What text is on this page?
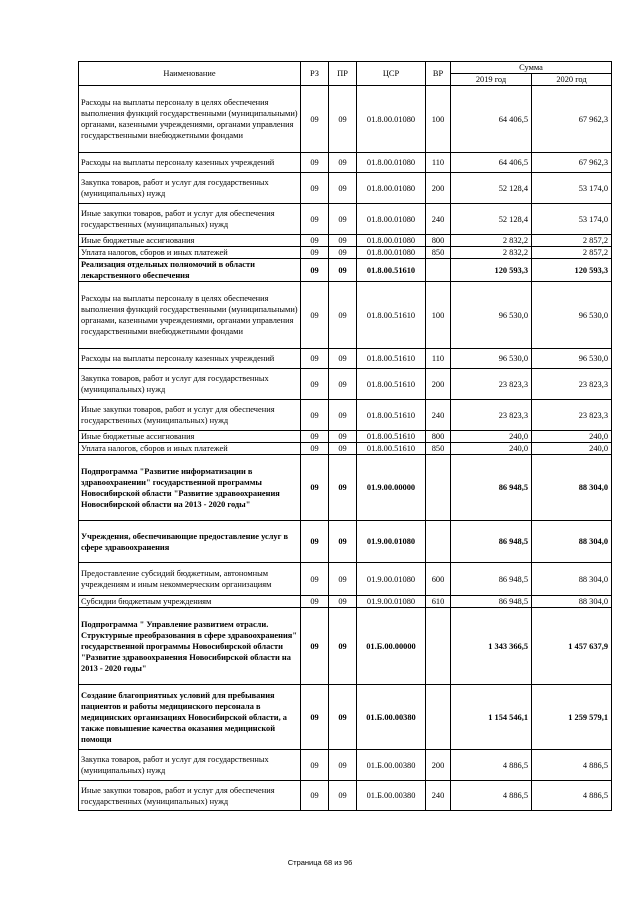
Наименование	РЗ	ПР	ЦСР	ВР	Сумма	
					2019 год	2020 год
Расходы на выплаты персоналу в целях обеспечения выполнения функций государственными (муниципальными) органами, казенными учреждениями, органами управления государственными внебюджетными фондами	09	09	01.8.00.01080	100	64 406,5	67 962,3
Расходы на выплаты персоналу казенных учреждений	09	09	01.8.00.01080	110	64 406,5	67 962,3
Закупка товаров, работ и услуг для государственных (муниципальных) нужд	09	09	01.8.00.01080	200	52 128,4	53 174,0
Иные закупки товаров, работ и услуг для обеспечения государственных (муниципальных) нужд	09	09	01.8.00.01080	240	52 128,4	53 174,0
Иные бюджетные ассигнования	09	09	01.8.00.01080	800	2 832,2	2 857,2
Уплата налогов, сборов и иных платежей	09	09	01.8.00.01080	850	2 832,2	2 857,2
Реализация отдельных полномочий в области лекарственного обеспечения	09	09	01.8.00.51610		120 593,3	120 593,3
Расходы на выплаты персоналу в целях обеспечения выполнения функций государственными (муниципальными) органами, казенными учреждениями, органами управления государственными внебюджетными фондами	09	09	01.8.00.51610	100	96 530,0	96 530,0
Расходы на выплаты персоналу казенных учреждений	09	09	01.8.00.51610	110	96 530,0	96 530,0
Закупка товаров, работ и услуг для государственных (муниципальных) нужд	09	09	01.8.00.51610	200	23 823,3	23 823,3
Иные закупки товаров, работ и услуг для обеспечения государственных (муниципальных) нужд	09	09	01.8.00.51610	240	23 823,3	23 823,3
Иные бюджетные ассигнования	09	09	01.8.00.51610	800	240,0	240,0
Уплата налогов, сборов и иных платежей	09	09	01.8.00.51610	850	240,0	240,0
Подпрограмма "Развитие информатизации в здравоохранении" государственной программы Новосибирской области "Развитие здравоохранения Новосибирской области на 2013 - 2020 годы"	09	09	01.9.00.00000		86 948,5	88 304,0
Учреждения, обеспечивающие предоставление услуг в сфере здравоохранения	09	09	01.9.00.01080		86 948,5	88 304,0
Предоставление субсидий бюджетным, автономным учреждениям и иным некоммерческим организациям	09	09	01.9.00.01080	600	86 948,5	88 304,0
Субсидии бюджетным учреждениям	09	09	01.9.00.01080	610	86 948,5	88 304,0
Подпрограмма " Управление развитием отрасли. Структурные преобразования в сфере здравоохранения" государственной программы Новосибирской области "Развитие здравоохранения Новосибирской области на 2013 - 2020 годы"	09	09	01.Б.00.00000		1 343 366,5	1 457 637,9
Создание благоприятных условий для пребывания пациентов и работы медицинского персонала в медицинских организациях Новосибирской области, а также повышение качества оказания медицинской помощи	09	09	01.Б.00.00380		1 154 546,1	1 259 579,1
Закупка товаров, работ и услуг для государственных (муниципальных) нужд	09	09	01.Б.00.00380	200	4 886,5	4 886,5
Иные закупки товаров, работ и услуг для обеспечения государственных (муниципальных) нужд	09	09	01.Б.00.00380	240	4 886,5	4 886,5
Страница 68 из 96
